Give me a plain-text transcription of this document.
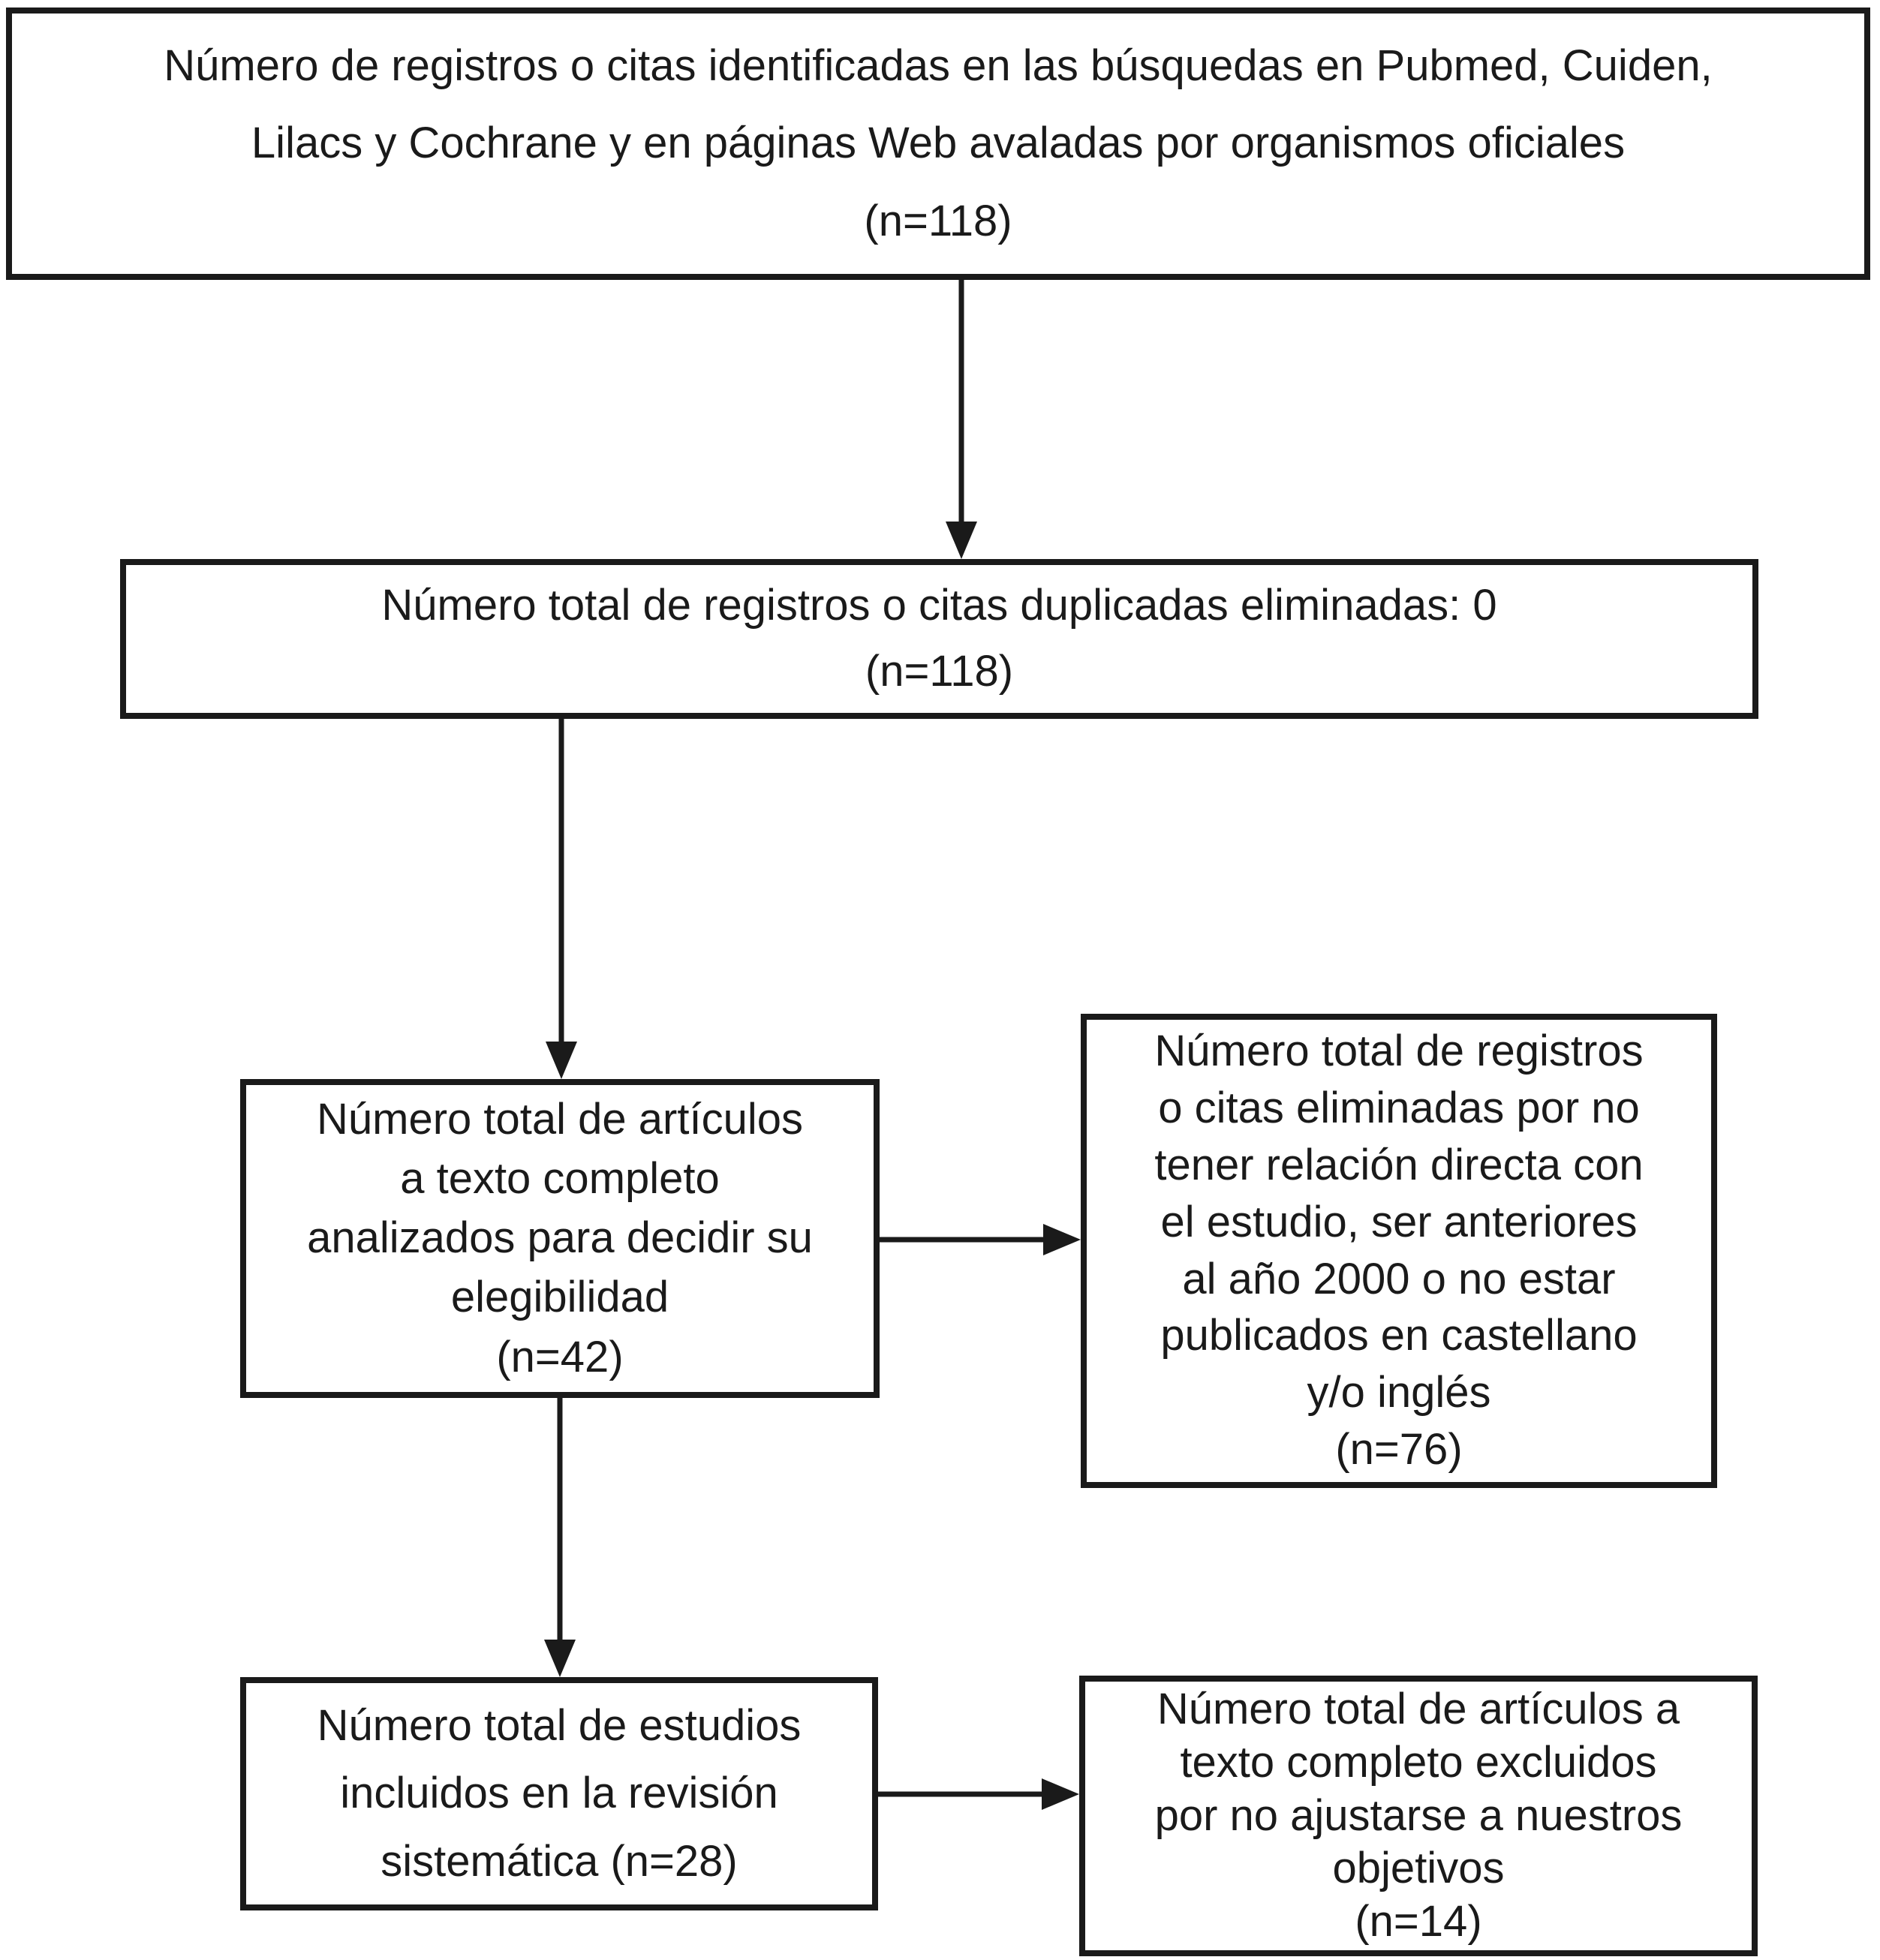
Número de registros o citas identificadas en las búsquedas en Pubmed, Cuiden,
Lilacs y Cochrane y en páginas Web avaladas por organismos oficiales
(n=118)
Número total de registros o citas duplicadas eliminadas: 0
(n=118)
Número total de artículos
a texto completo
analizados para decidir su
elegibilidad
(n=42)
Número total de registros
o citas eliminadas por no
tener relación directa con
el estudio, ser anteriores
al año 2000 o no estar
publicados en castellano
y/o inglés
(n=76)
Número total de estudios
incluidos en la revisión
sistemática (n=28)
Número total de artículos a
texto completo excluidos
por no ajustarse a nuestros
objetivos
(n=14)
